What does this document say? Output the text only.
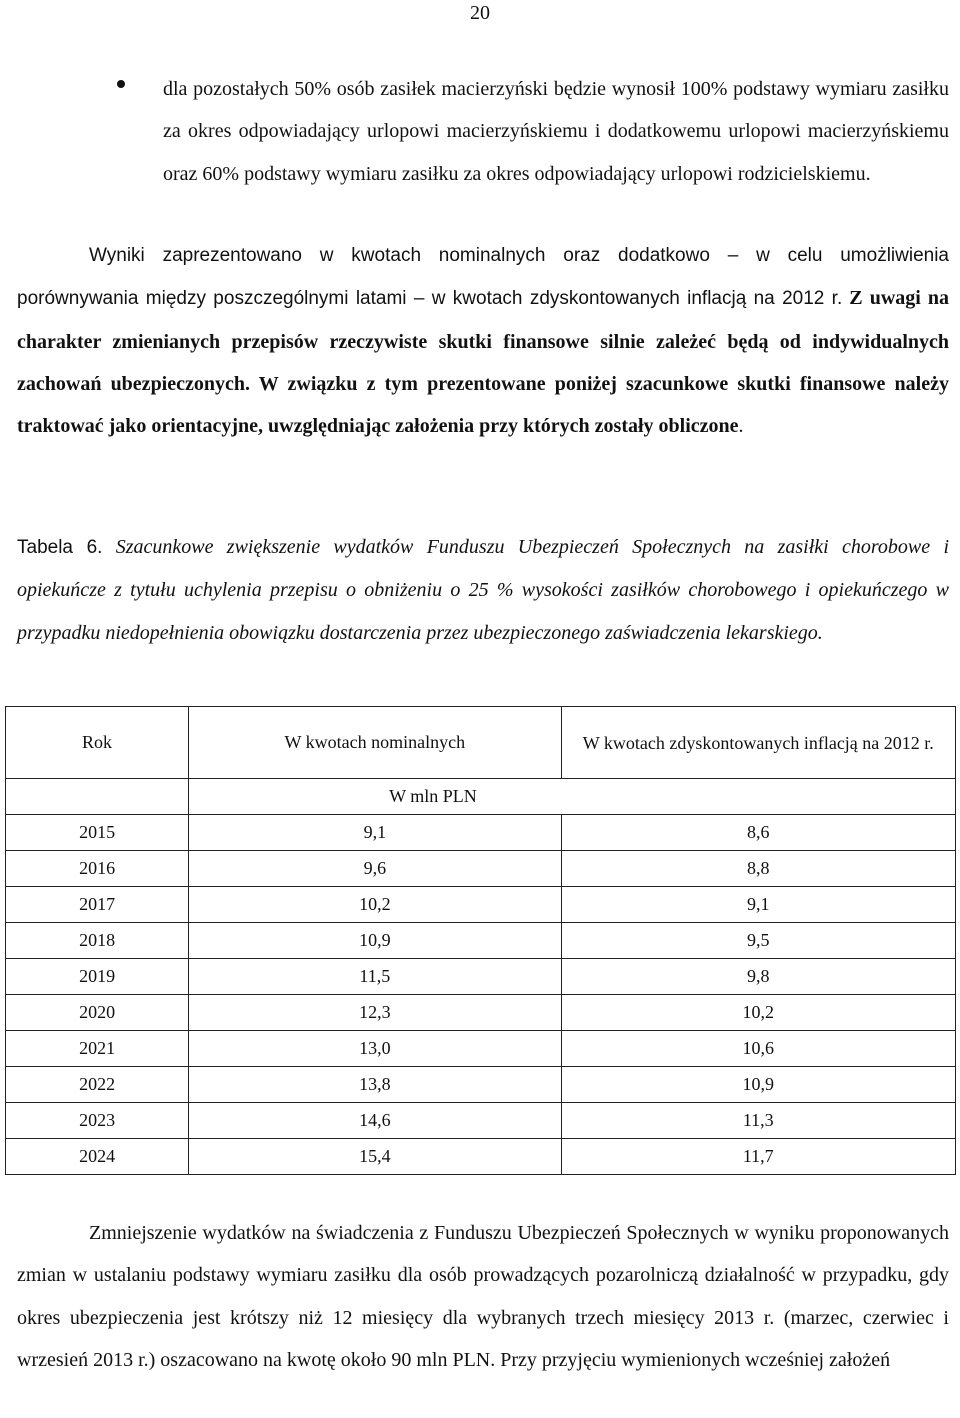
20
dla pozostałych 50% osób zasiłek macierzyński będzie wynosił 100% podstawy wymiaru zasiłku za okres odpowiadający urlopowi macierzyńskiemu i dodatkowemu urlopowi macierzyńskiemu oraz 60% podstawy wymiaru zasiłku za okres odpowiadający urlopowi rodzicielskiemu.
Wyniki zaprezentowano w kwotach nominalnych oraz dodatkowo – w celu umożliwienia porównywania między poszczególnymi latami – w kwotach zdyskontowanych inflacją na 2012 r. Z uwagi na charakter zmienianych przepisów rzeczywiste skutki finansowe silnie zależeć będą od indywidualnych zachowań ubezpieczonych. W związku z tym prezentowane poniżej szacunkowe skutki finansowe należy traktować jako orientacyjne, uwzględniając założenia przy których zostały obliczone.
Tabela 6. Szacunkowe zwiększenie wydatków Funduszu Ubezpieczeń Społecznych na zasiłki chorobowe i opiekuńcze z tytułu uchylenia przepisu o obniżeniu o 25 % wysokości zasiłków chorobowego i opiekuńczego w przypadku niedopełnienia obowiązku dostarczenia przez ubezpieczonego zaświadczenia lekarskiego.
Rok	W kwotach nominalnych	W kwotach zdyskontowanych inflacją na 2012 r.

	W mln PLN	
2015	9,1	8,6
2016	9,6	8,8
2017	10,2	9,1
2018	10,9	9,5
2019	11,5	9,8
2020	12,3	10,2
2021	13,0	10,6
2022	13,8	10,9
2023	14,6	11,3
2024	15,4	11,7
Zmniejszenie wydatków na świadczenia z Funduszu Ubezpieczeń Społecznych w wyniku proponowanych zmian w ustalaniu podstawy wymiaru zasiłku dla osób prowadzących pozarolniczą działalność w przypadku, gdy okres ubezpieczenia jest krótszy niż 12 miesięcy dla wybranych trzech miesięcy 2013 r. (marzec, czerwiec i wrzesień 2013 r.) oszacowano na kwotę około 90 mln PLN. Przy przyjęciu wymienionych wcześniej założeń
